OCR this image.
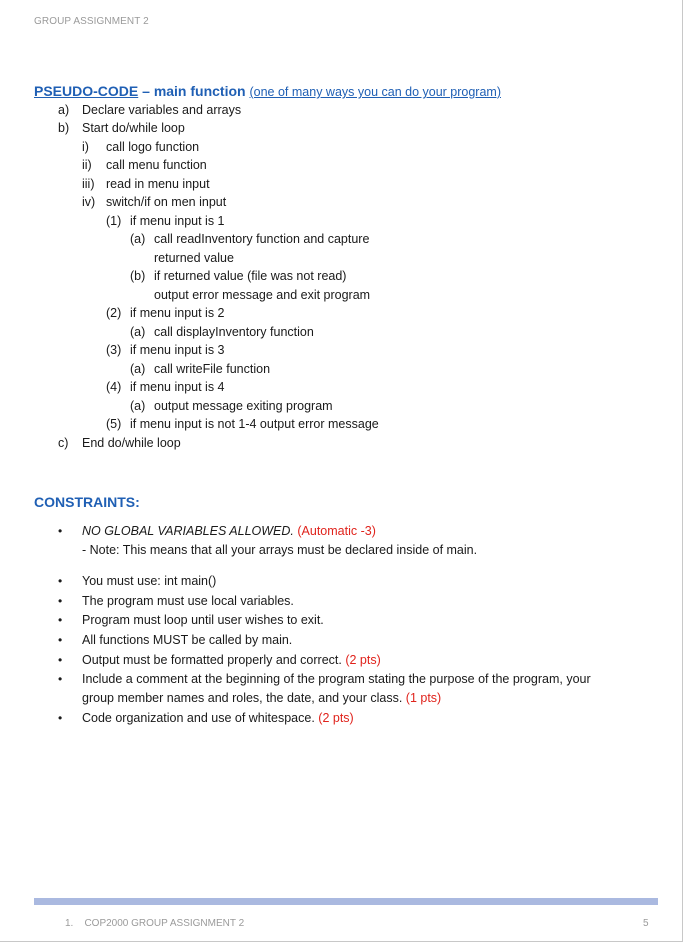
GROUP ASSIGNMENT 2
PSEUDO-CODE – main function (one of many ways you can do your program)
a) Declare variables and arrays
b) Start do/while loop
i) call logo function
ii) call menu function
iii) read in menu input
iv) switch/if on men input
(1) if menu input is 1
(a) call readInventory function and capture
returned value
(b) if returned value (file was not read)
output error message and exit program
(2) if menu input is 2
(a) call displayInventory function
(3) if menu input is 3
(a) call writeFile function
(4) if menu input is 4
(a) output message exiting program
(5) if menu input is not 1-4 output error message
c) End do/while loop
CONSTRAINTS:
• NO GLOBAL VARIABLES ALLOWED. (Automatic -3)
- Note: This means that all your arrays must be declared inside of main.
• You must use: int main()
• The program must use local variables.
• Program must loop until user wishes to exit.
• All functions MUST be called by main.
• Output must be formatted properly and correct. (2 pts)
• Include a comment at the beginning of the program stating the purpose of the program, your
group member names and roles, the date, and your class. (1 pts)
• Code organization and use of whitespace. (2 pts)
1.    COP2000 GROUP ASSIGNMENT 2	5
